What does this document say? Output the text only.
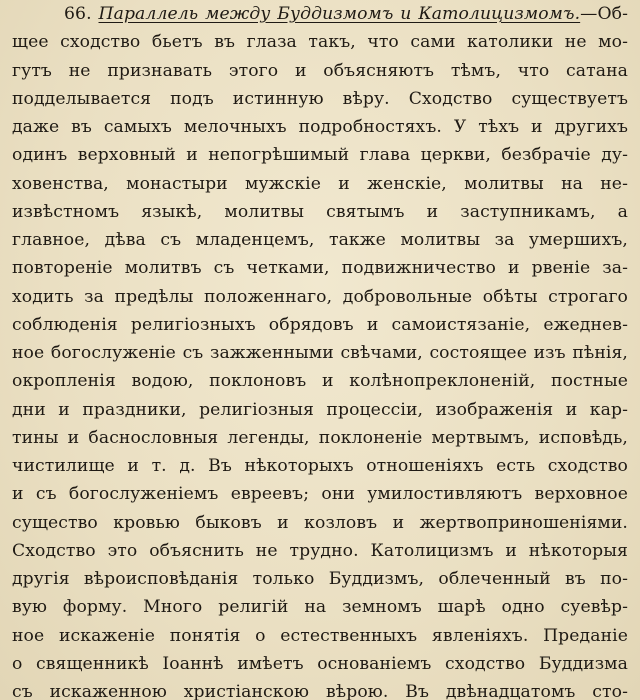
66. Параллель между Буддизмомъ и Католицизмомъ.—Об-
щее сходство бьетъ въ глаза такъ, что сами католики не мо-
гутъ не признавать этого и объясняютъ тѣмъ, что сатана
подделывается подъ истинную вѣру. Сходство существуетъ
даже въ самыхъ мелочныхъ подробностяхъ. У тѣхъ и другихъ
одинъ верховный и непогрѣшимый глава церкви, безбрачіе ду-
ховенства, монастыри мужскіе и женскіе, молитвы на не-
извѣстномъ языкѣ, молитвы святымъ и заступникамъ, а
главное, дѣва съ младенцемъ, также молитвы за умершихъ,
повтореніе молитвъ съ четками, подвижничество и рвеніе за-
ходить за предѣлы положеннаго, добровольные обѣты строгаго
соблюденія религіозныхъ обрядовъ и самоистязаніе, ежеднев-
ное богослуженіе съ зажженными свѣчами, состоящее изъ пѣнія,
окропленія водою, поклоновъ и колѣнопреклоненій, постные
дни и праздники, религіозныя процессіи, изображенія и кар-
тины и баснословныя легенды, поклоненіе мертвымъ, исповѣдь,
чистилище и т. д. Въ нѣкоторыхъ отношеніяхъ есть сходство
и съ богослуженіемъ евреевъ; они умилостивляютъ верховное
существо кровью быковъ и козловъ и жертвоприношеніями.
Сходство это объяснить не трудно. Католицизмъ и нѣкоторыя
другія вѣроисповѣданія только Буддизмъ, облеченный въ по-
вую форму. Много религій на земномъ шарѣ одно суевѣр-
ное искаженіе понятія о естественныхъ явленіяхъ. Преданіе
о священникѣ Іоаннѣ имѣетъ основаніемъ сходство Буддизма
съ искаженною христіанскою вѣрою. Въ двѣнадцатомъ сто-
